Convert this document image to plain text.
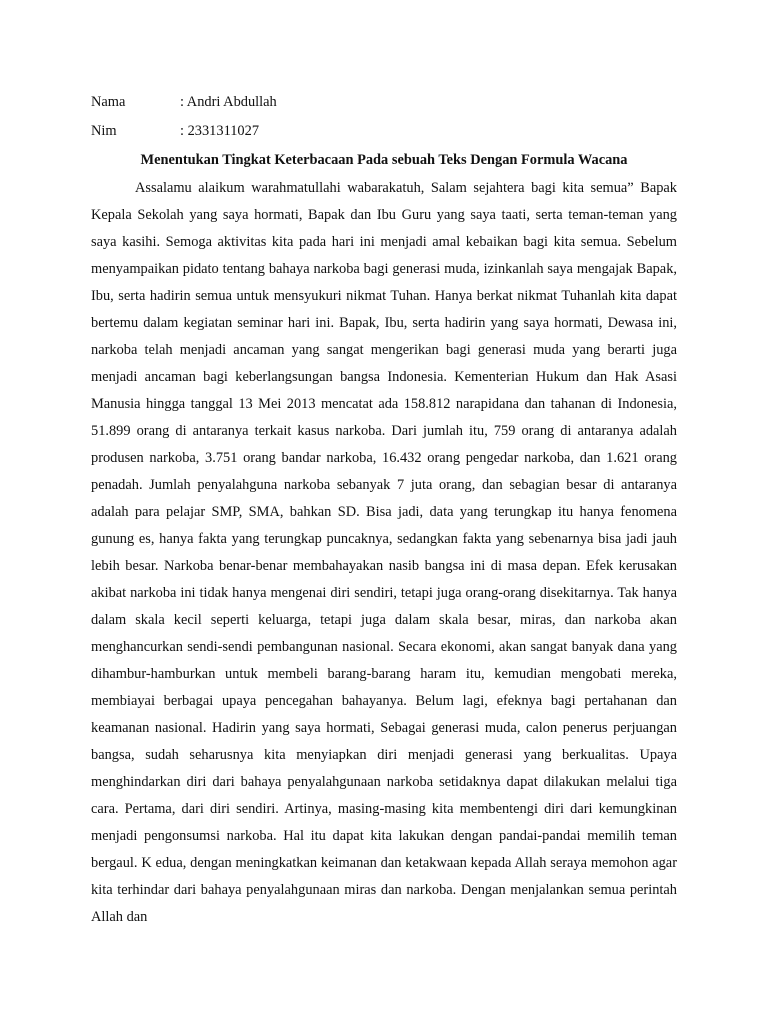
Nama	: Andri Abdullah
Nim	: 2331311027

Menentukan Tingkat Keterbacaan Pada sebuah Teks Dengan Formula Wacana

Assalamu alaikum warahmatullahi wabarakatuh, Salam sejahtera bagi kita semua” Bapak Kepala Sekolah yang saya hormati, Bapak dan Ibu Guru yang saya taati, serta teman-teman yang saya kasihi. Semoga aktivitas kita pada hari ini menjadi amal kebaikan bagi kita semua. Sebelum menyampaikan pidato tentang bahaya narkoba bagi generasi muda, izinkanlah saya mengajak Bapak, Ibu, serta hadirin semua untuk mensyukuri nikmat Tuhan. Hanya berkat nikmat Tuhanlah kita dapat bertemu dalam kegiatan seminar hari ini. Bapak, Ibu, serta hadirin yang saya hormati, Dewasa ini, narkoba telah menjadi ancaman yang sangat mengerikan bagi generasi muda yang berarti juga menjadi ancaman bagi keberlangsungan bangsa Indonesia. Kementerian Hukum dan Hak Asasi Manusia hingga tanggal 13 Mei 2013 mencatat ada 158.812 narapidana dan tahanan di Indonesia, 51.899 orang di antaranya terkait kasus narkoba. Dari jumlah itu, 759 orang di antaranya adalah produsen narkoba, 3.751 orang bandar narkoba, 16.432 orang pengedar narkoba, dan 1.621 orang penadah. Jumlah penyalahguna narkoba sebanyak 7 juta orang, dan sebagian besar di antaranya adalah para pelajar SMP, SMA, bahkan SD. Bisa jadi, data yang terungkap itu hanya fenomena gunung es, hanya fakta yang terungkap puncaknya, sedangkan fakta yang sebenarnya bisa jadi jauh lebih besar. Narkoba benar-benar membahayakan nasib bangsa ini di masa depan. Efek kerusakan akibat narkoba ini tidak hanya mengenai diri sendiri, tetapi juga orang-orang disekitarnya. Tak hanya dalam skala kecil seperti keluarga, tetapi juga dalam skala besar, miras, dan narkoba akan menghancurkan sendi-sendi pembangunan nasional. Secara ekonomi, akan sangat banyak dana yang dihambur-hamburkan untuk membeli barang-barang haram itu, kemudian mengobati mereka, membiayai berbagai upaya pencegahan bahayanya. Belum lagi, efeknya bagi pertahanan dan keamanan nasional. Hadirin yang saya hormati, Sebagai generasi muda, calon penerus perjuangan bangsa, sudah seharusnya kita menyiapkan diri menjadi generasi yang berkualitas. Upaya menghindarkan diri dari bahaya penyalahgunaan narkoba setidaknya dapat dilakukan melalui tiga cara. Pertama, dari diri sendiri. Artinya, masing-masing kita membentengi diri dari kemungkinan menjadi pengonsumsi narkoba. Hal itu dapat kita lakukan dengan pandai-pandai memilih teman bergaul. K edua, dengan meningkatkan keimanan dan ketakwaan kepada Allah seraya memohon agar kita terhindar dari bahaya penyalahgunaan miras dan narkoba. Dengan menjalankan semua perintah Allah dan
